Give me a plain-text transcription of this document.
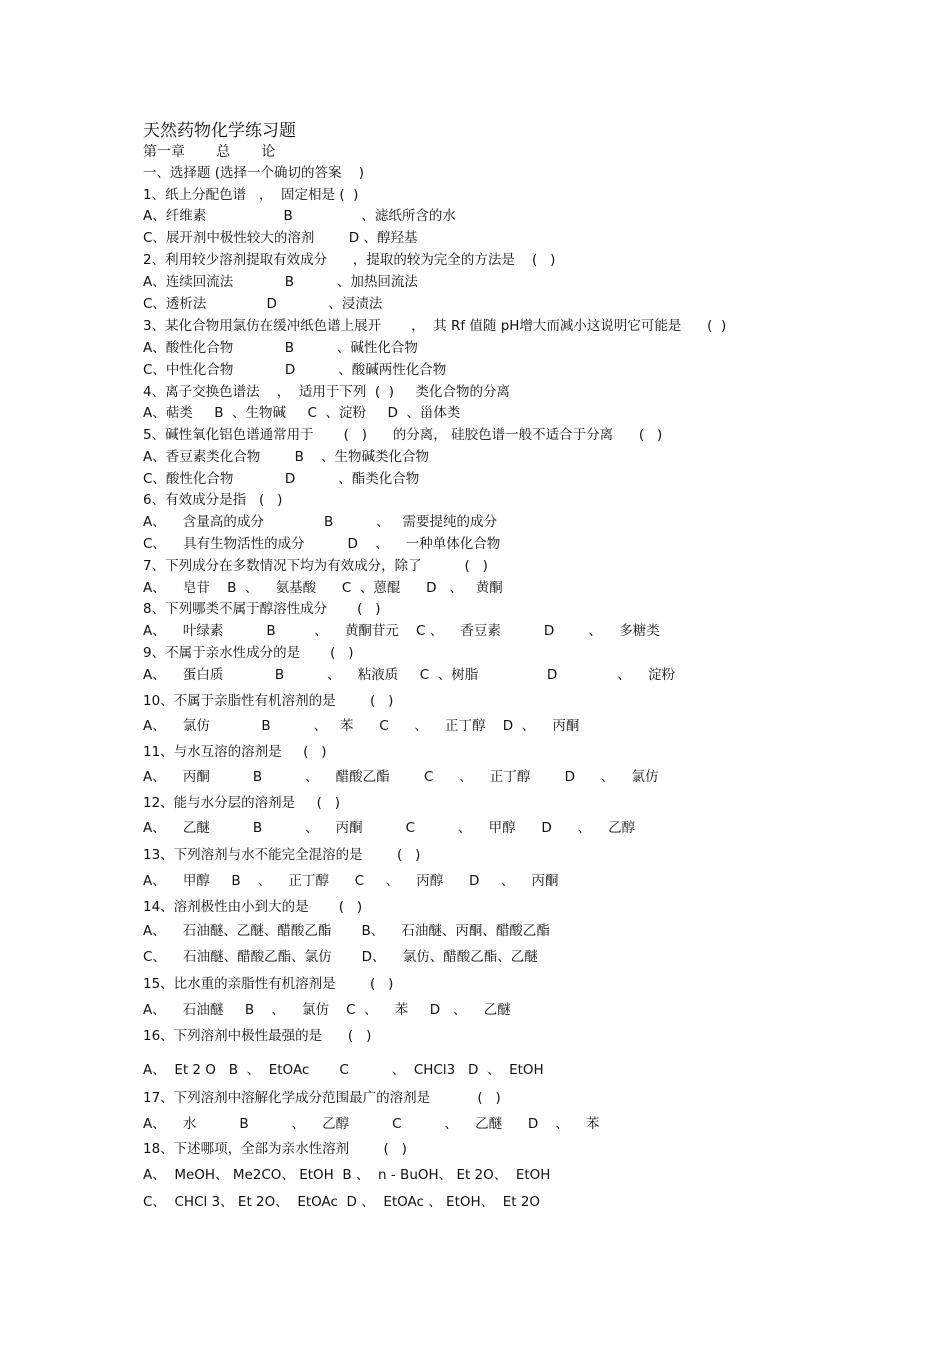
天然药物化学练习题
第一章       总       论
一、选择题 (选择一个确切的答案    )
1、纸上分配色谱   ，  固定相是 (  )
A、纤维素                  B                、滤纸所含的水
C、展开剂中极性较大的溶剂        D 、醇羟基
2、利用较少溶剂提取有效成分      ，提取的较为完全的方法是    (   )
A、连续回流法            B          、加热回流法
C、透析法              D            、浸渍法
3、某化合物用氯仿在缓冲纸色谱上展开       ，  其 Rf 值随 pH增大而减小这说明它可能是      (  )
A、酸性化合物            B          、碱性化合物
C、中性化合物            D          、酸碱两性化合物
4、离子交换色谱法    ，  适用于下列  (  )     类化合物的分离
A、萜类     B  、生物碱     C  、淀粉     D  、甾体类
5、碱性氧化铝色谱通常用于       (   )      的分离， 硅胶色谱一般不适合于分离      (   )
A、香豆素类化合物        B    、生物碱类化合物
C、酸性化合物            D          、酯类化合物
6、有效成分是指   (   )
A、    含量高的成分              B          、   需要提纯的成分
C、    具有生物活性的成分          D    、    一种单体化合物
7、下列成分在多数情况下均为有效成分，除了          (   )
A、    皂苷    B  、    氨基酸      C  、蒽醌      D   、   黄酮
8、下列哪类不属于醇溶性成分       (   )
A、    叶绿素          B         、    黄酮苷元    C 、    香豆素          D        、    多糖类
9、不属于亲水性成分的是       (   )
A、    蛋白质            B          、    粘液质     C  、树脂                D              、    淀粉
10、不属于亲脂性有机溶剂的是        (   )
A、    氯仿            B          、   苯      C      、    正丁醇    D  、    丙酮
11、与水互溶的溶剂是     (   )
A、    丙酮          B          、    醋酸乙酯        C      、    正丁醇        D      、    氯仿
12、能与水分层的溶剂是     (   )
A、    乙醚          B          、    丙酮          C          、    甲醇      D      、    乙醇
13、下列溶剂与水不能完全混溶的是        (   )
A、    甲醇     B    、    正丁醇      C     、    丙醇      D     、    丙酮
14、溶剂极性由小到大的是       (   )
A、    石油醚、乙醚、醋酸乙酯       B、    石油醚、丙酮、醋酸乙酯
C、    石油醚、醋酸乙酯、氯仿       D、    氯仿、醋酸乙酯、乙醚
15、比水重的亲脂性有机溶剂是        (   )
A、    石油醚     B    、    氯仿    C  、    苯     D   、    乙醚
16、下列溶剂中极性最强的是      (   )
A、  Et 2 O   B  、  EtOAc       C          、  CHCl3   D  、  EtOH
17、下列溶剂中溶解化学成分范围最广的溶剂是           (   )
A、    水          B          、    乙醇          C          、    乙醚      D    、    苯
18、下述哪项，全部为亲水性溶剂        (   )
A、  MeOH、 Me2CO、 EtOH  B 、  n - BuOH、 Et 2O、  EtOH
C、  CHCl 3、 Et 2O、  EtOAc  D 、  EtOAc 、 EtOH、  Et 2O
